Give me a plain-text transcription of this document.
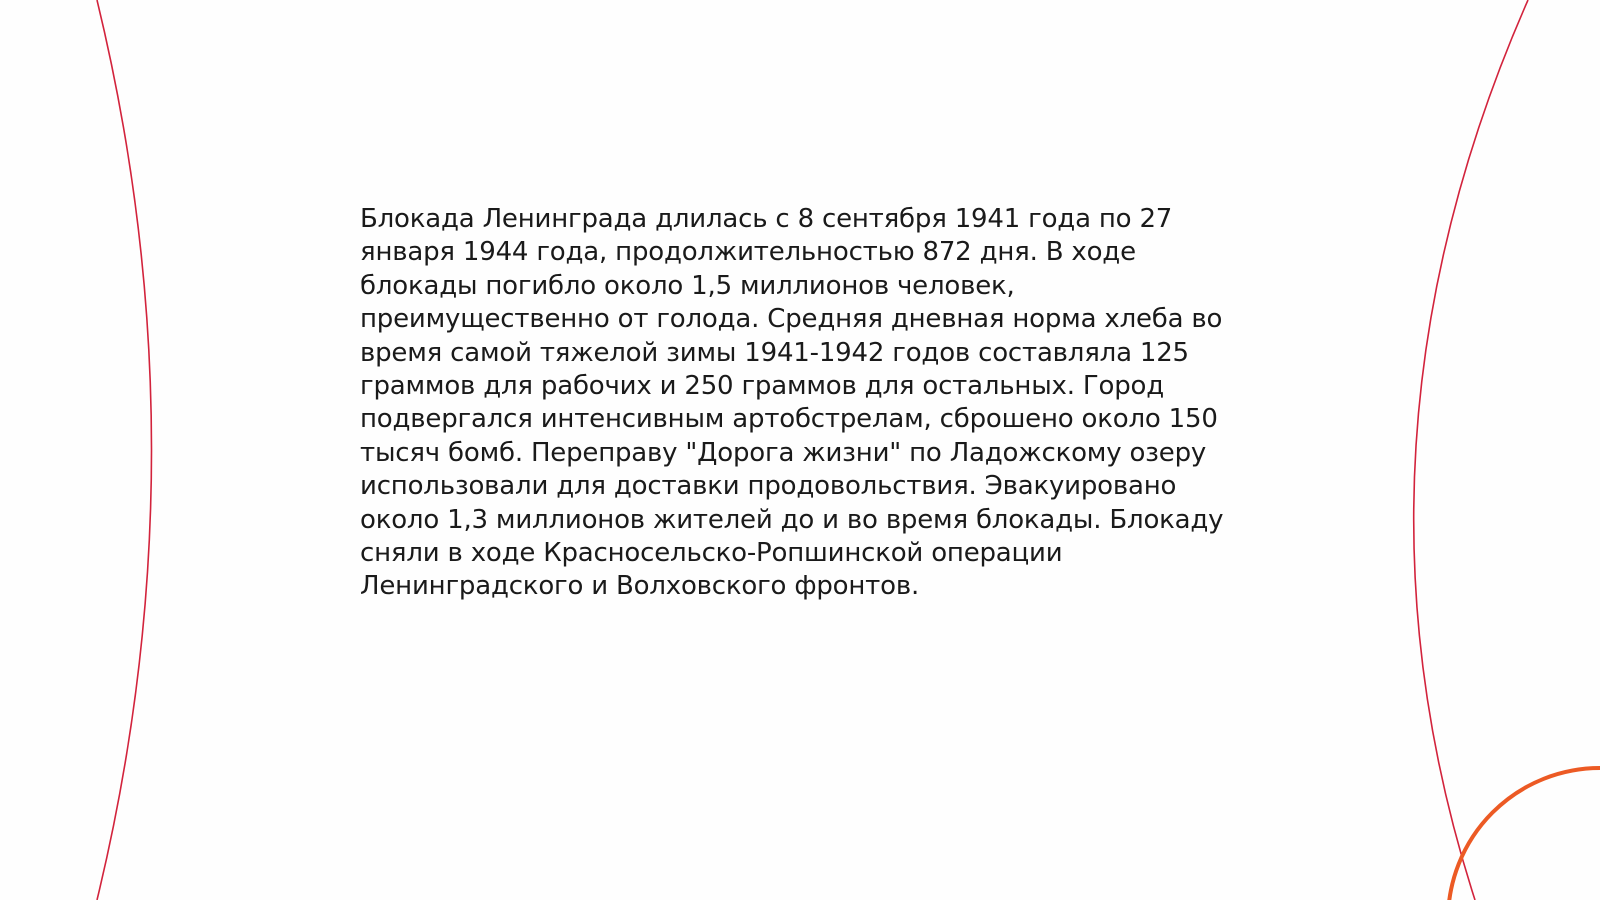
Блокада Ленинграда длилась с 8 сентября 1941 года по 27
января 1944 года, продолжительностью 872 дня. В ходе
блокады погибло около 1,5 миллионов человек,
преимущественно от голода. Средняя дневная норма хлеба во
время самой тяжелой зимы 1941-1942 годов составляла 125
граммов для рабочих и 250 граммов для остальных. Город
подвергался интенсивным артобстрелам, сброшено около 150
тысяч бомб. Переправу "Дорога жизни" по Ладожскому озеру
использовали для доставки продовольствия. Эвакуировано
около 1,3 миллионов жителей до и во время блокады. Блокаду
сняли в ходе Красносельско-Ропшинской операции
Ленинградского и Волховского фронтов.
